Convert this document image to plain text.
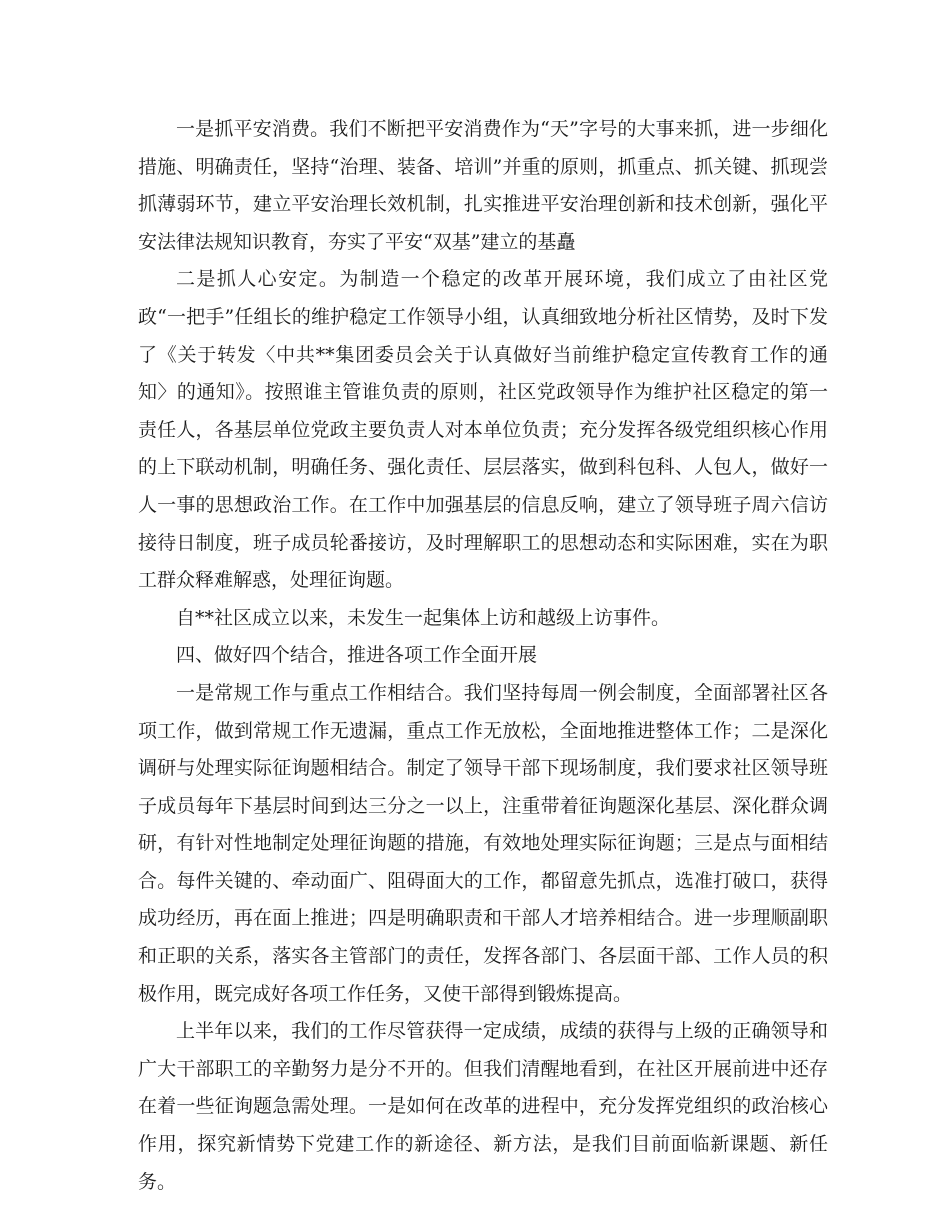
一是抓平安消费。我们不断把平安消费作为“天”字号的大事来抓，进一步细化措施、明确责任，坚持“治理、装备、培训”并重的原则，抓重点、抓关键、抓现尝抓薄弱环节，建立平安治理长效机制，扎实推进平安治理创新和技术创新，强化平安法律法规知识教育，夯实了平安“双基”建立的基矗

二是抓人心安定。为制造一个稳定的改革开展环境，我们成立了由社区党政“一把手”任组长的维护稳定工作领导小组，认真细致地分析社区情势，及时下发了《关于转发〈中共**集团委员会关于认真做好当前维护稳定宣传教育工作的通知〉的通知》。按照谁主管谁负责的原则，社区党政领导作为维护社区稳定的第一责任人，各基层单位党政主要负责人对本单位负责；充分发挥各级党组织核心作用的上下联动机制，明确任务、强化责任、层层落实，做到科包科、人包人，做好一人一事的思想政治工作。在工作中加强基层的信息反响，建立了领导班子周六信访接待日制度，班子成员轮番接访，及时理解职工的思想动态和实际困难，实在为职工群众释难解惑，处理征询题。

自**社区成立以来，未发生一起集体上访和越级上访事件。

四、做好四个结合，推进各项工作全面开展

一是常规工作与重点工作相结合。我们坚持每周一例会制度，全面部署社区各项工作，做到常规工作无遗漏，重点工作无放松，全面地推进整体工作；二是深化调研与处理实际征询题相结合。制定了领导干部下现场制度，我们要求社区领导班子成员每年下基层时间到达三分之一以上，注重带着征询题深化基层、深化群众调研，有针对性地制定处理征询题的措施，有效地处理实际征询题；三是点与面相结合。每件关键的、牵动面广、阻碍面大的工作，都留意先抓点，选准打破口，获得成功经历，再在面上推进；四是明确职责和干部人才培养相结合。进一步理顺副职和正职的关系，落实各主管部门的责任，发挥各部门、各层面干部、工作人员的积极作用，既完成好各项工作任务，又使干部得到锻炼提高。

上半年以来，我们的工作尽管获得一定成绩，成绩的获得与上级的正确领导和广大干部职工的辛勤努力是分不开的。但我们清醒地看到，在社区开展前进中还存在着一些征询题急需处理。一是如何在改革的进程中，充分发挥党组织的政治核心作用，探究新情势下党建工作的新途径、新方法，是我们目前面临新课题、新任务。
